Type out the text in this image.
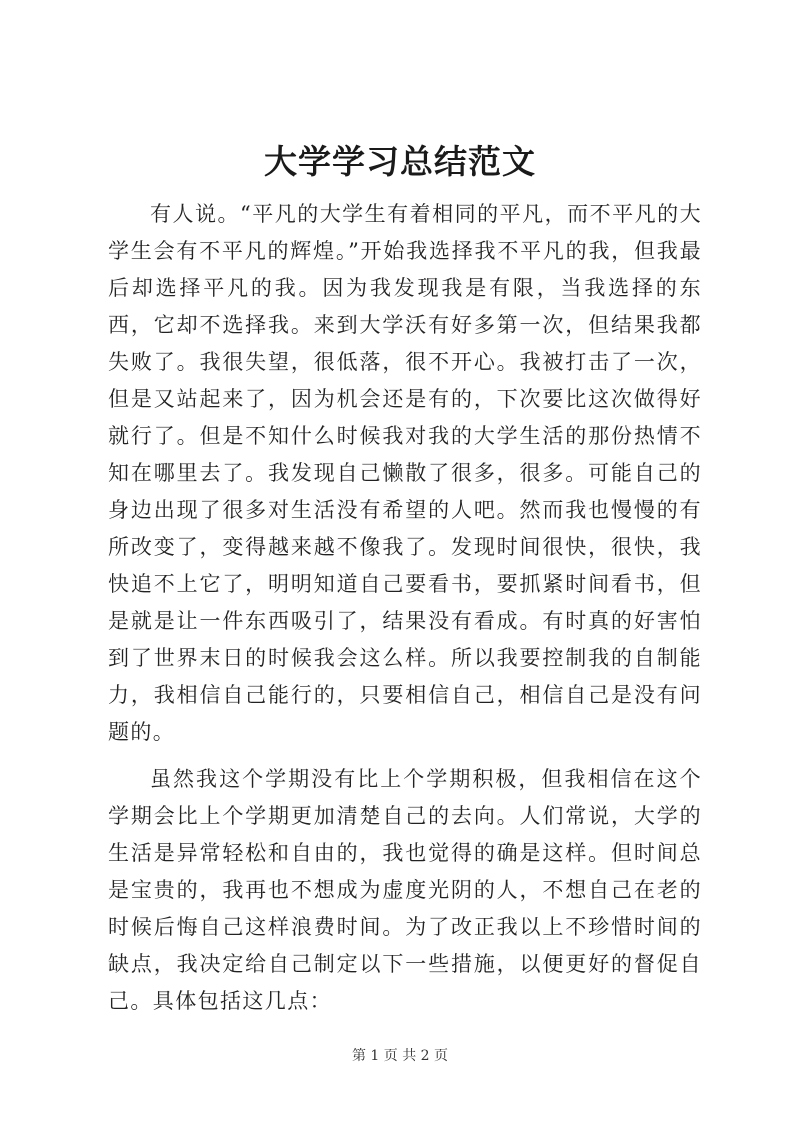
大学学习总结范文

有人说。“平凡的大学生有着相同的平凡，而不平凡的大学生会有不平凡的辉煌。”开始我选择我不平凡的我，但我最后却选择平凡的我。因为我发现我是有限，当我选择的东西，它却不选择我。来到大学沃有好多第一次，但结果我都失败了。我很失望，很低落，很不开心。我被打击了一次，但是又站起来了，因为机会还是有的，下次要比这次做得好就行了。但是不知什么时候我对我的大学生活的那份热情不知在哪里去了。我发现自己懒散了很多，很多。可能自己的身边出现了很多对生活没有希望的人吧。然而我也慢慢的有所改变了，变得越来越不像我了。发现时间很快，很快，我快追不上它了，明明知道自己要看书，要抓紧时间看书，但是就是让一件东西吸引了，结果没有看成。有时真的好害怕到了世界末日的时候我会这么样。所以我要控制我的自制能力，我相信自己能行的，只要相信自己，相信自己是没有问题的。

虽然我这个学期没有比上个学期积极，但我相信在这个学期会比上个学期更加清楚自己的去向。人们常说，大学的生活是异常轻松和自由的，我也觉得的确是这样。但时间总是宝贵的，我再也不想成为虚度光阴的人，不想自己在老的时候后悔自己这样浪费时间。为了改正我以上不珍惜时间的缺点，我决定给自己制定以下一些措施，以便更好的督促自己。具体包括这几点：

第 1 页 共 2 页
